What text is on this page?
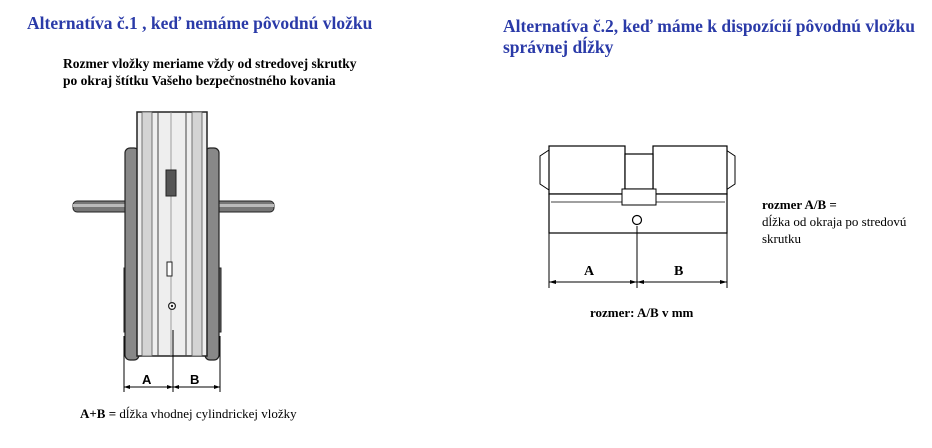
Alternatíva č.1 , keď nemáme pôvodnú vložku	Alternatíva č.2, keď máme k dispozícií pôvodnú vložku správnej dĺžky
Rozmer vložky meriame vždy od stredovej skrutky po okraj štítku Vašeho bezpečnostného kovania
A	B
A	B
A+B = dĺžka vhodnej cylindrickej vložky
rozmer A/B =
dĺžka od okraja po stredovú skrutku
rozmer: A/B v mm
